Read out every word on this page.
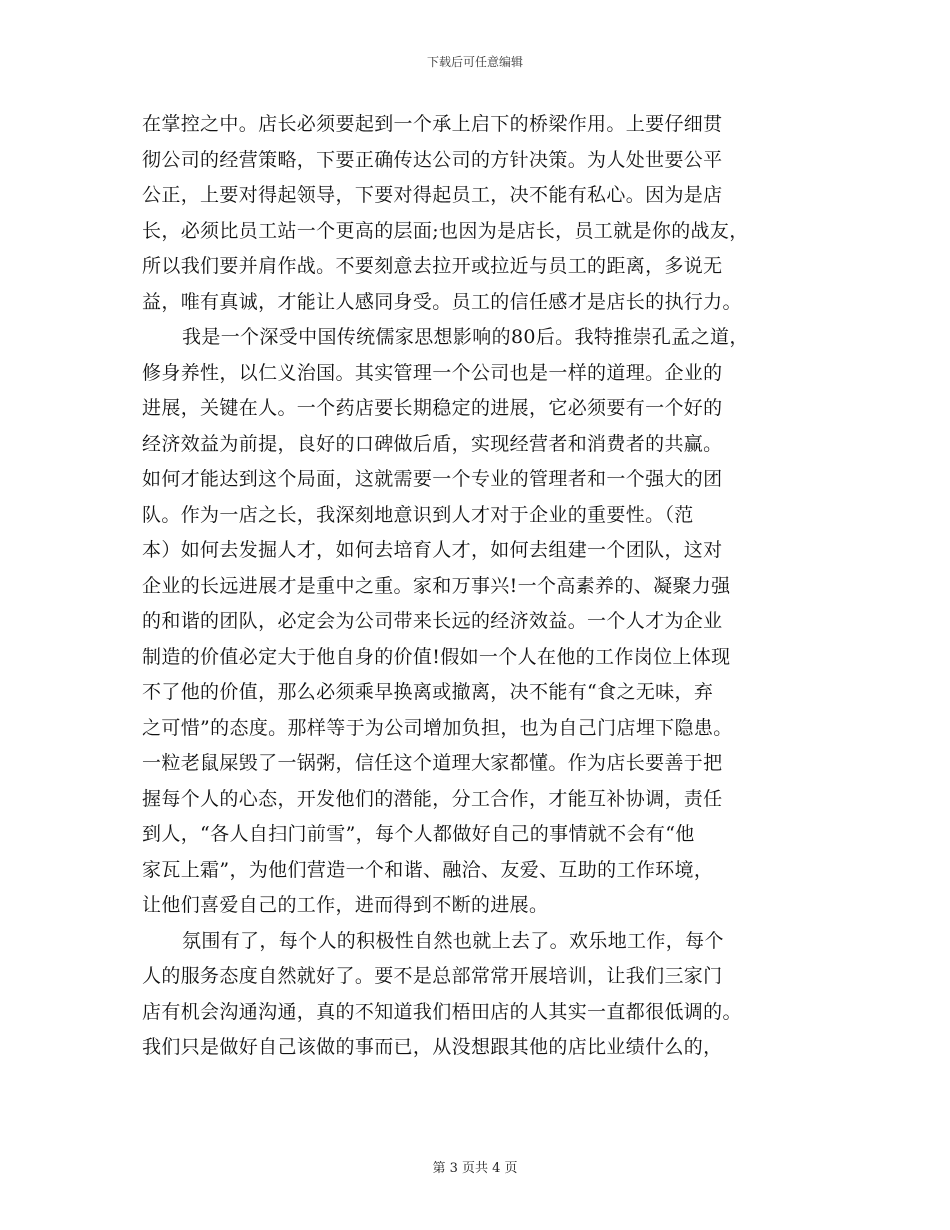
下载后可任意编辑
在掌控之中。店长必须要起到一个承上启下的桥梁作用。上要仔细贯
彻公司的经营策略，下要正确传达公司的方针决策。为人处世要公平
公正，上要对得起领导，下要对得起员工，决不能有私心。因为是店
长，必须比员工站一个更高的层面;也因为是店长，员工就是你的战友，
所以我们要并肩作战。不要刻意去拉开或拉近与员工的距离，多说无
益，唯有真诚，才能让人感同身受。员工的信任感才是店长的执行力。
我是一个深受中国传统儒家思想影响的80后。我特推崇孔孟之道，
修身养性，以仁义治国。其实管理一个公司也是一样的道理。企业的
进展，关键在人。一个药店要长期稳定的进展，它必须要有一个好的
经济效益为前提，良好的口碑做后盾，实现经营者和消费者的共赢。
如何才能达到这个局面，这就需要一个专业的管理者和一个强大的团
队。作为一店之长，我深刻地意识到人才对于企业的重要性。（范
本）如何去发掘人才，如何去培育人才，如何去组建一个团队，这对
企业的长远进展才是重中之重。家和万事兴!一个高素养的、凝聚力强
的和谐的团队，必定会为公司带来长远的经济效益。一个人才为企业
制造的价值必定大于他自身的价值!假如一个人在他的工作岗位上体现
不了他的价值，那么必须乘早换离或撤离，决不能有“食之无味，弃
之可惜”的态度。那样等于为公司增加负担，也为自己门店埋下隐患。
一粒老鼠屎毁了一锅粥，信任这个道理大家都懂。作为店长要善于把
握每个人的心态，开发他们的潜能，分工合作，才能互补协调，责任
到人，“各人自扫门前雪”，每个人都做好自己的事情就不会有“他
家瓦上霜”，为他们营造一个和谐、融洽、友爱、互助的工作环境，
让他们喜爱自己的工作，进而得到不断的进展。
氛围有了，每个人的积极性自然也就上去了。欢乐地工作，每个
人的服务态度自然就好了。要不是总部常常开展培训，让我们三家门
店有机会沟通沟通，真的不知道我们梧田店的人其实一直都很低调的。
我们只是做好自己该做的事而已，从没想跟其他的店比业绩什么的，
第 3 页共 4 页
